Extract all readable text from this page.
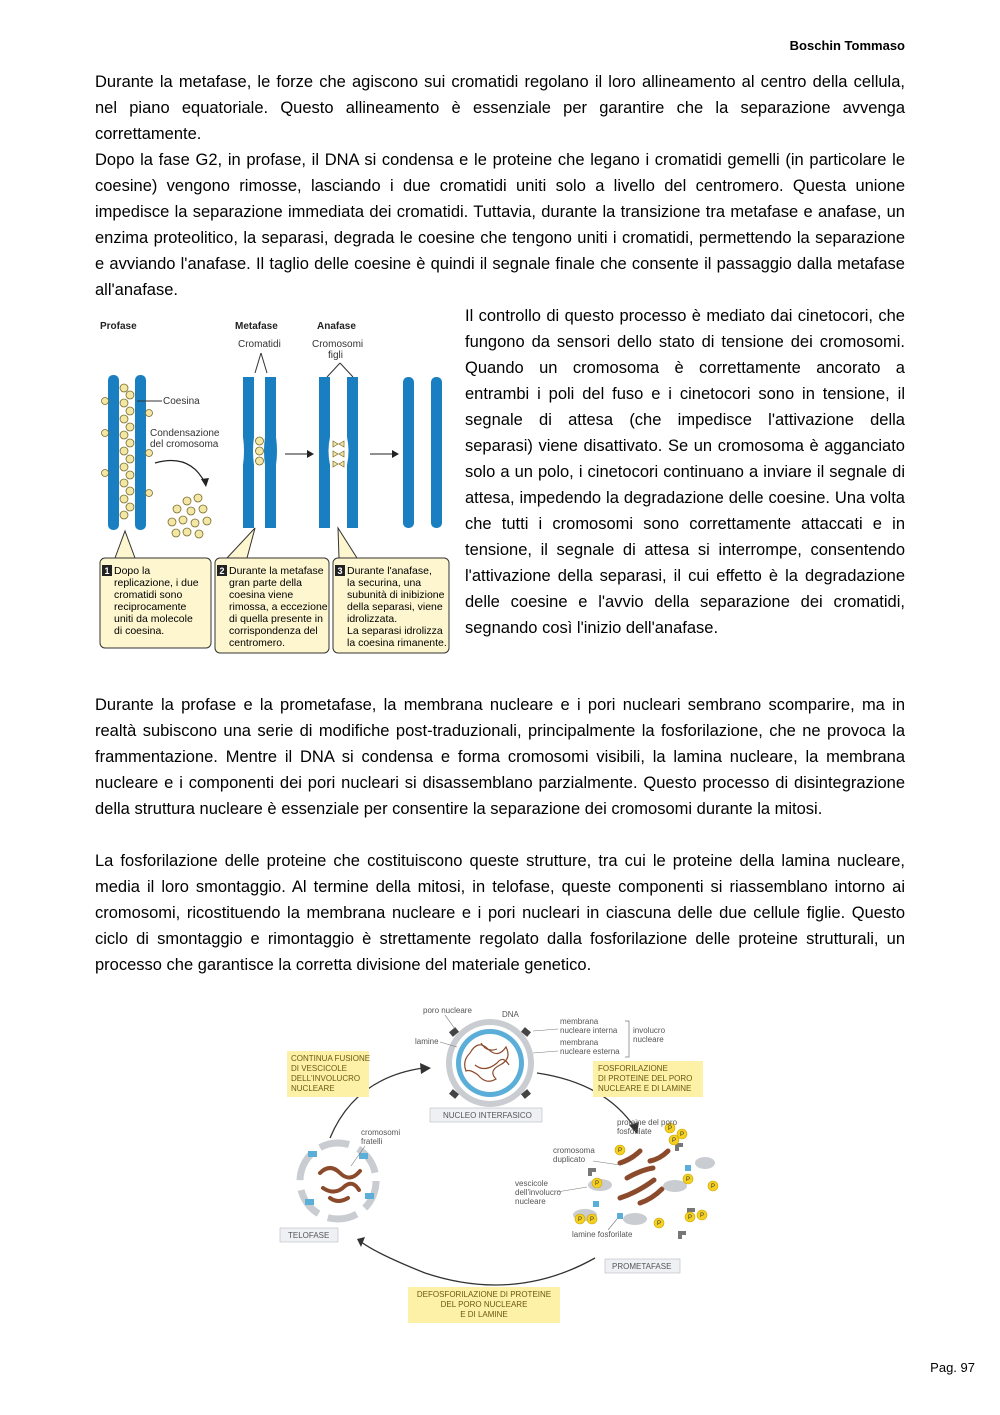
Boschin Tommaso

Durante la metafase, le forze che agiscono sui cromatidi regolano il loro allineamento al centro della cellula, nel piano equatoriale. Questo allineamento è essenziale per garantire che la separazione avvenga correttamente.

Dopo la fase G2, in profase, il DNA si condensa e le proteine che legano i cromatidi gemelli (in particolare le coesine) vengono rimosse, lasciando i due cromatidi uniti solo a livello del centromero. Questa unione impedisce la separazione immediata dei cromatidi. Tuttavia, durante la transizione tra metafase e anafase, un enzima proteolitico, la separasi, degrada le coesine che tengono uniti i cromatidi, permettendo la separazione e avviando l'anafase. Il taglio delle coesine è quindi il segnale finale che consente il passaggio dalla metafase all'anafase.

Profase	Metafase	Anafase
Cromatidi	Cromosomi
figli
Coesina
Condensazione
del cromosoma
1 Dopo la
replicazione, i due
cromatidi sono
reciprocamente
uniti da molecole
di coesina.
2 Durante la metafase
gran parte della
coesina viene
rimossa, a eccezione
di quella presente in
corrispondenza del
centromero.
3 Durante l'anafase,
la securina, una
subunità di inibizione
della separasi, viene
idrolizzata.
La separasi idrolizza
la coesina rimanente.

Il controllo di questo processo è mediato dai cinetocori, che fungono da sensori dello stato di tensione dei cromosomi. Quando un cromosoma è correttamente ancorato a entrambi i poli del fuso e i cinetocori sono in tensione, il segnale di attesa (che impedisce l'attivazione della separasi) viene disattivato. Se un cromosoma è agganciato solo a un polo, i cinetocori continuano a inviare il segnale di attesa, impedendo la degradazione delle coesine. Una volta che tutti i cromosomi sono correttamente attaccati e in tensione, il segnale di attesa si interrompe, consentendo l'attivazione della separasi, il cui effetto è la degradazione delle coesine e l'avvio della separazione dei cromatidi, segnando così l'inizio dell'anafase.

Durante la profase e la prometafase, la membrana nucleare e i pori nucleari sembrano scomparire, ma in realtà subiscono una serie di modifiche post-traduzionali, principalmente la fosforilazione, che ne provoca la frammentazione. Mentre il DNA si condensa e forma cromosomi visibili, la lamina nucleare, la membrana nucleare e i componenti dei pori nucleari si disassemblano parzialmente. Questo processo di disintegrazione della struttura nucleare è essenziale per consentire la separazione dei cromosomi durante la mitosi.

La fosforilazione delle proteine che costituiscono queste strutture, tra cui le proteine della lamina nucleare, media il loro smontaggio. Al termine della mitosi, in telofase, queste componenti si riassemblano intorno ai cromosomi, ricostituendo la membrana nucleare e i pori nucleari in ciascuna delle due cellule figlie. Questo ciclo di smontaggio e rimontaggio è strettamente regolato dalla fosforilazione delle proteine strutturali, un processo che garantisce la corretta divisione del materiale genetico.

poro nucleare	DNA
lamine
membrana
nucleare interna
membrana
nucleare esterna
involucro
nucleare
NUCLEO INTERFASICO
CONTINUA FUSIONE
DI VESCICOLE
DELL'INVOLUCRO
NUCLEARE
FOSFORILAZIONE
DI PROTEINE DEL PORO
NUCLEARE E DI LAMINE
cromosomi
fratelli
TELOFASE
P
P
P
P
P
P P
P
P
P
P P
proteine del poro
fosforilate
cromosoma
duplicato
vescicole
dell'involucro
nucleare
lamine fosforilate
PROMETAFASE
DEFOSFORILAZIONE DI PROTEINE
DEL PORO NUCLEARE
E DI LAMINE
Pag. 97
